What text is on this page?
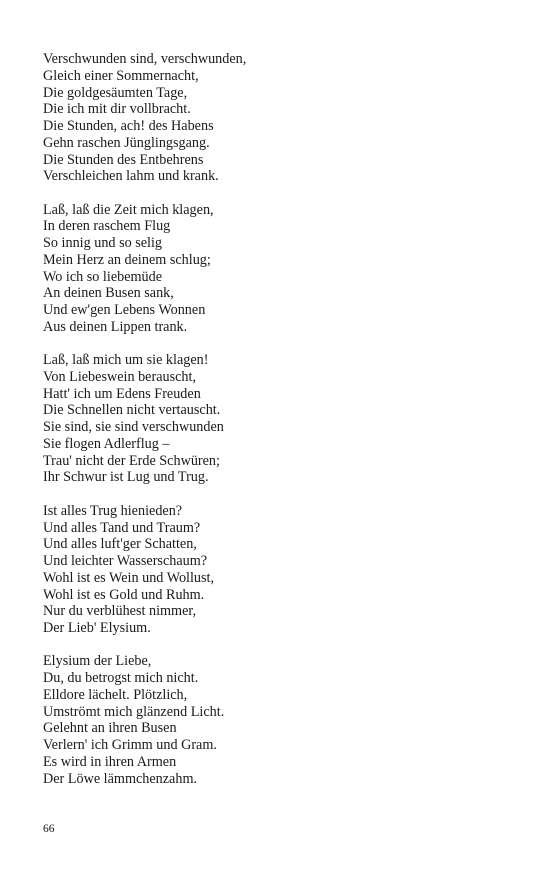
Verschwunden sind, verschwunden,
Gleich einer Sommernacht,
Die goldgesäumten Tage,
Die ich mit dir vollbracht.
Die Stunden, ach! des Habens
Gehn raschen Jünglingsgang.
Die Stunden des Entbehrens
Verschleichen lahm und krank.
Laß, laß die Zeit mich klagen,
In deren raschem Flug
So innig und so selig
Mein Herz an deinem schlug;
Wo ich so liebemüde
An deinen Busen sank,
Und ew'gen Lebens Wonnen
Aus deinen Lippen trank.
Laß, laß mich um sie klagen!
Von Liebeswein berauscht,
Hatt' ich um Edens Freuden
Die Schnellen nicht vertauscht.
Sie sind, sie sind verschwunden
Sie flogen Adlerflug –
Trau' nicht der Erde Schwüren;
Ihr Schwur ist Lug und Trug.
Ist alles Trug hienieden?
Und alles Tand und Traum?
Und alles luft'ger Schatten,
Und leichter Wasserschaum?
Wohl ist es Wein und Wollust,
Wohl ist es Gold und Ruhm.
Nur du verblühest nimmer,
Der Lieb' Elysium.
Elysium der Liebe,
Du, du betrogst mich nicht.
Elldore lächelt. Plötzlich,
Umströmt mich glänzend Licht.
Gelehnt an ihren Busen
Verlern' ich Grimm und Gram.
Es wird in ihren Armen
Der Löwe lämmchenzahm.
66
